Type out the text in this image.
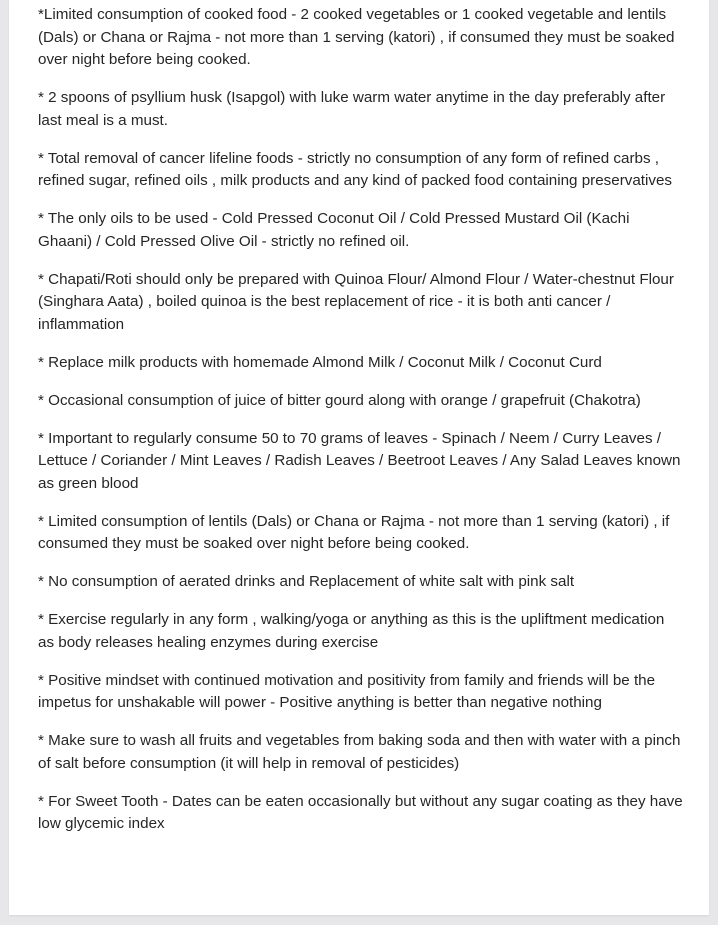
*Limited consumption of cooked food - 2 cooked vegetables or 1 cooked vegetable and lentils (Dals) or Chana or Rajma - not more than 1 serving (katori) , if consumed they must be soaked over night before being cooked.

* 2 spoons of psyllium husk (Isapgol) with luke warm water anytime in the day preferably after last meal is a must.

* Total removal of cancer lifeline foods - strictly no consumption of any form of refined carbs , refined sugar, refined oils , milk products and any kind of packed food containing preservatives

* The only oils to be used - Cold Pressed Coconut Oil / Cold Pressed Mustard Oil (Kachi Ghaani) / Cold Pressed Olive Oil - strictly no refined oil.

* Chapati/Roti should only be prepared with Quinoa Flour/ Almond Flour / Water-chestnut Flour (Singhara Aata) , boiled quinoa is the best replacement of rice - it is both anti cancer / inflammation

* Replace milk products with homemade Almond Milk / Coconut Milk / Coconut Curd

* Occasional consumption of juice of bitter gourd along with orange / grapefruit (Chakotra)

* Important to regularly consume 50 to 70 grams of leaves - Spinach / Neem / Curry Leaves / Lettuce / Coriander / Mint Leaves / Radish Leaves / Beetroot Leaves / Any Salad Leaves known as green blood

* Limited consumption of lentils (Dals) or Chana or Rajma - not more than 1 serving (katori) , if consumed they must be soaked over night before being cooked.

* No consumption of aerated drinks and Replacement of white salt with pink salt

* Exercise regularly in any form , walking/yoga or anything as this is the upliftment medication as body releases healing enzymes during exercise

* Positive mindset with continued motivation and positivity from family and friends will be the impetus for unshakable will power - Positive anything is better than negative nothing

* Make sure to wash all fruits and vegetables from baking soda and then with water with a pinch of salt before consumption (it will help in removal of pesticides)

* For Sweet Tooth - Dates can be eaten occasionally but without any sugar coating as they have low glycemic index
